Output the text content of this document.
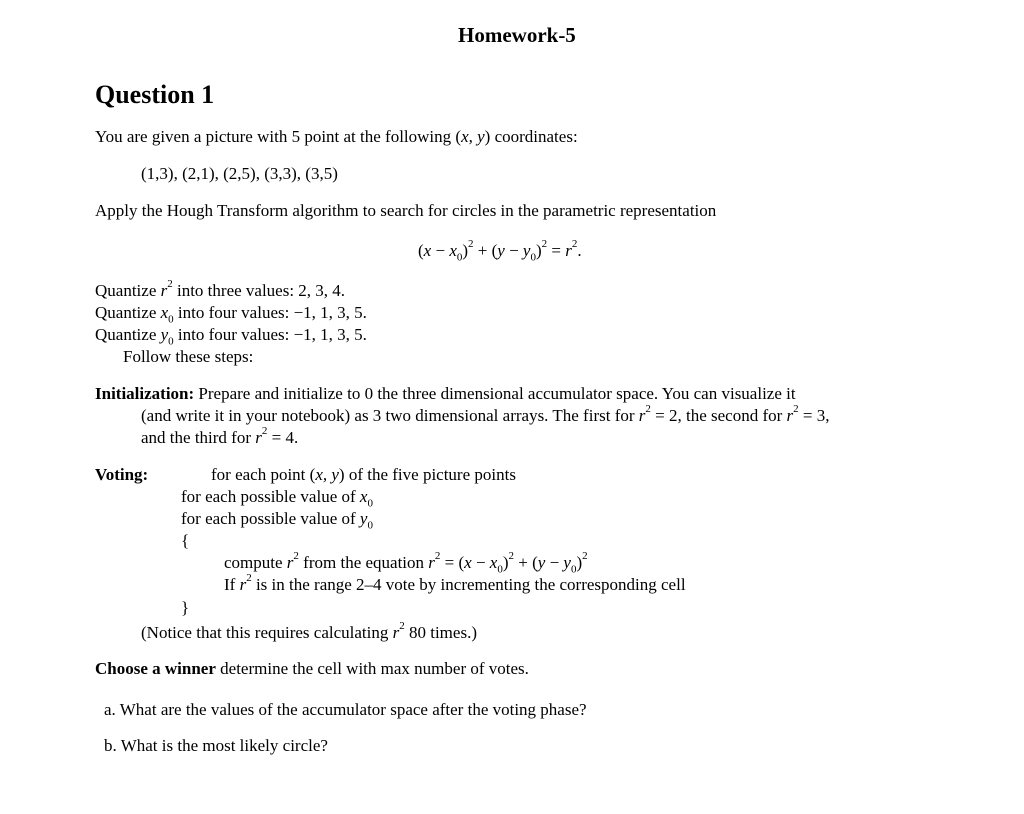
Homework-5
Question 1
You are given a picture with 5 point at the following (x, y) coordinates:
(1,3), (2,1), (2,5), (3,3), (3,5)
Apply the Hough Transform algorithm to search for circles in the parametric representation
$(x - x_0)^2 + (y - y_0)^2 = r^2$.
Quantize $r^2$ into three values: 2, 3, 4.
Quantize $x_0$ into four values: −1, 1, 3, 5.
Quantize $y_0$ into four values: −1, 1, 3, 5.
Follow these steps:
Initialization: Prepare and initialize to 0 the three dimensional accumulator space. You can visualize it
(and write it in your notebook) as 3 two dimensional arrays. The first for $r^2 = 2$, the second for $r^2 = 3$,
and the third for $r^2 = 4$.
Voting:	for each point (x, y) of the five picture points
for each possible value of $x_0$
for each possible value of $y_0$
{
compute $r^2$ from the equation $r^2 = (x - x_0)^2 + (y - y_0)^2$
If $r^2$ is in the range 2–4 vote by incrementing the corresponding cell
}
(Notice that this requires calculating $r^2$ 80 times.)
Choose a winner determine the cell with max number of votes.
a. What are the values of the accumulator space after the voting phase?
b. What is the most likely circle?
